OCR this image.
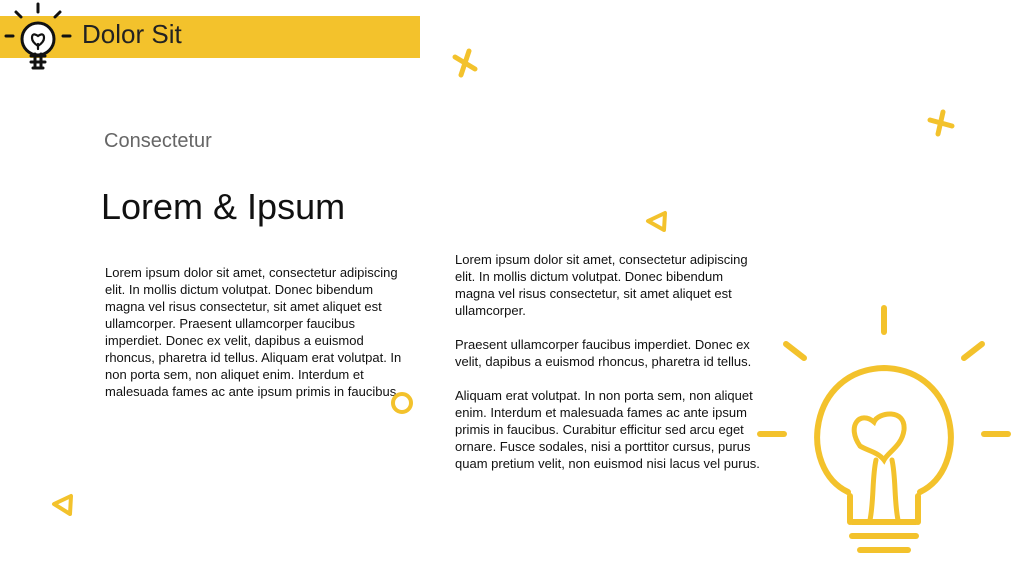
Dolor Sit
Consectetur
Lorem & Ipsum
Lorem ipsum dolor sit amet, consectetur adipiscing elit. In mollis dictum volutpat. Donec bibendum magna vel risus consectetur, sit amet aliquet est ullamcorper. Praesent ullamcorper faucibus imperdiet. Donec ex velit, dapibus a euismod rhoncus, pharetra id tellus. Aliquam erat volutpat. In non porta sem, non aliquet enim. Interdum et malesuada fames ac ante ipsum primis in faucibus.

Lorem ipsum dolor sit amet, consectetur adipiscing elit. In mollis dictum volutpat. Donec bibendum magna vel risus consectetur, sit amet aliquet est ullamcorper.

Praesent ullamcorper faucibus imperdiet. Donec ex velit, dapibus a euismod rhoncus, pharetra id tellus.

Aliquam erat volutpat. In non porta sem, non aliquet enim. Interdum et malesuada fames ac ante ipsum primis in faucibus. Curabitur efficitur sed arcu eget ornare. Fusce sodales, nisi a porttitor cursus, purus quam pretium velit, non euismod nisi lacus vel purus.
